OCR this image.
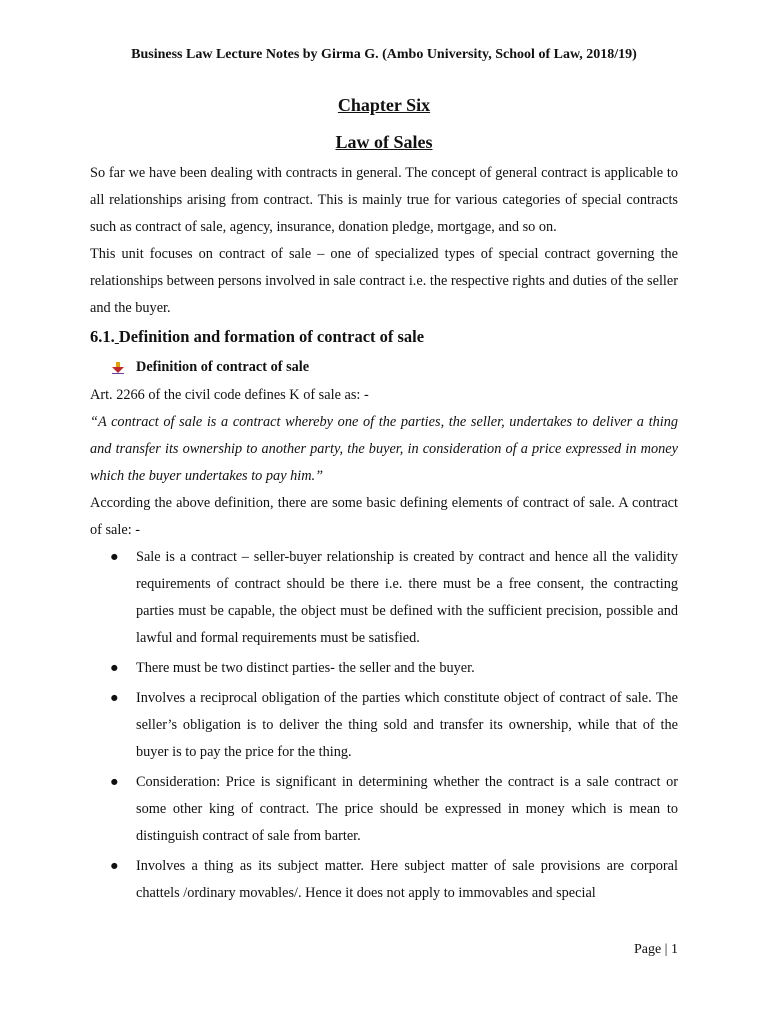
Business Law Lecture Notes by Girma G. (Ambo University, School of Law, 2018/19)
Chapter Six
Law of Sales

So far we have been dealing with contracts in general. The concept of general contract is applicable to all relationships arising from contract. This is mainly true for various categories of special contracts such as contract of sale, agency, insurance, donation pledge, mortgage, and so on.

This unit focuses on contract of sale – one of specialized types of special contract governing the relationships between persons involved in sale contract i.e. the respective rights and duties of the seller and the buyer.

6.1. Definition and formation of contract of sale

Definition of contract of sale

Art. 2266 of the civil code defines K of sale as: -

“A contract of sale is a contract whereby one of the parties, the seller, undertakes to deliver a thing and transfer its ownership to another party, the buyer, in consideration of a price expressed in money which the buyer undertakes to pay him.”

According the above definition, there are some basic defining elements of contract of sale. A contract of sale: -

● Sale is a contract – seller-buyer relationship is created by contract and hence all the validity requirements of contract should be there i.e. there must be a free consent, the contracting parties must be capable, the object must be defined with the sufficient precision, possible and lawful and formal requirements must be satisfied.
● There must be two distinct parties- the seller and the buyer.
● Involves a reciprocal obligation of the parties which constitute object of contract of sale. The seller’s obligation is to deliver the thing sold and transfer its ownership, while that of the buyer is to pay the price for the thing.
● Consideration: Price is significant in determining whether the contract is a sale contract or some other king of contract. The price should be expressed in money which is mean to distinguish contract of sale from barter.
● Involves a thing as its subject matter. Here subject matter of sale provisions are corporal chattels /ordinary movables/. Hence it does not apply to immovables and special
Page | 1
